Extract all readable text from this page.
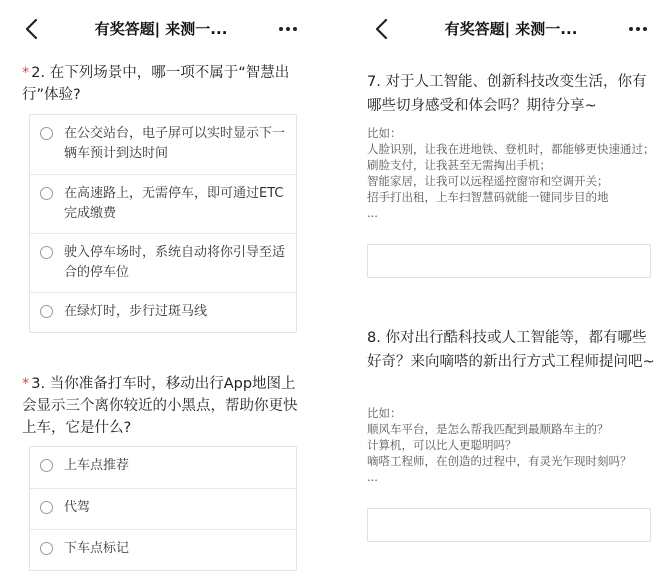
有奖答题| 来测一...
* 2. 在下列场景中，哪一项不属于“智慧出行”体验?
在公交站台，电子屏可以实时显示下一辆车预计到达时间
在高速路上，无需停车，即可通过ETC完成缴费
驶入停车场时，系统自动将你引导至适合的停车位
在绿灯时，步行过斑马线
* 3. 当你准备打车时，移动出行App地图上会显示三个离你较近的小黑点，帮助你更快上车，它是什么?
上车点推荐
代驾
下车点标记
有奖答题| 来测一...
7. 对于人工智能、创新科技改变生活，你有哪些切身感受和体会吗？期待分享~
比如：
人脸识别，让我在进地铁、登机时，都能够更快速通过；
刷脸支付，让我甚至无需掏出手机；
智能家居，让我可以远程遥控窗帘和空调开关；
招手打出租，上车扫智慧码就能一键同步目的地
...
8. 你对出行酷科技或人工智能等，都有哪些好奇？来向嘀嗒的新出行方式工程师提问吧~
比如：
顺风车平台，是怎么帮我匹配到最顺路车主的？
计算机，可以比人更聪明吗？
嘀嗒工程师，在创造的过程中，有灵光乍现时刻吗？
...
